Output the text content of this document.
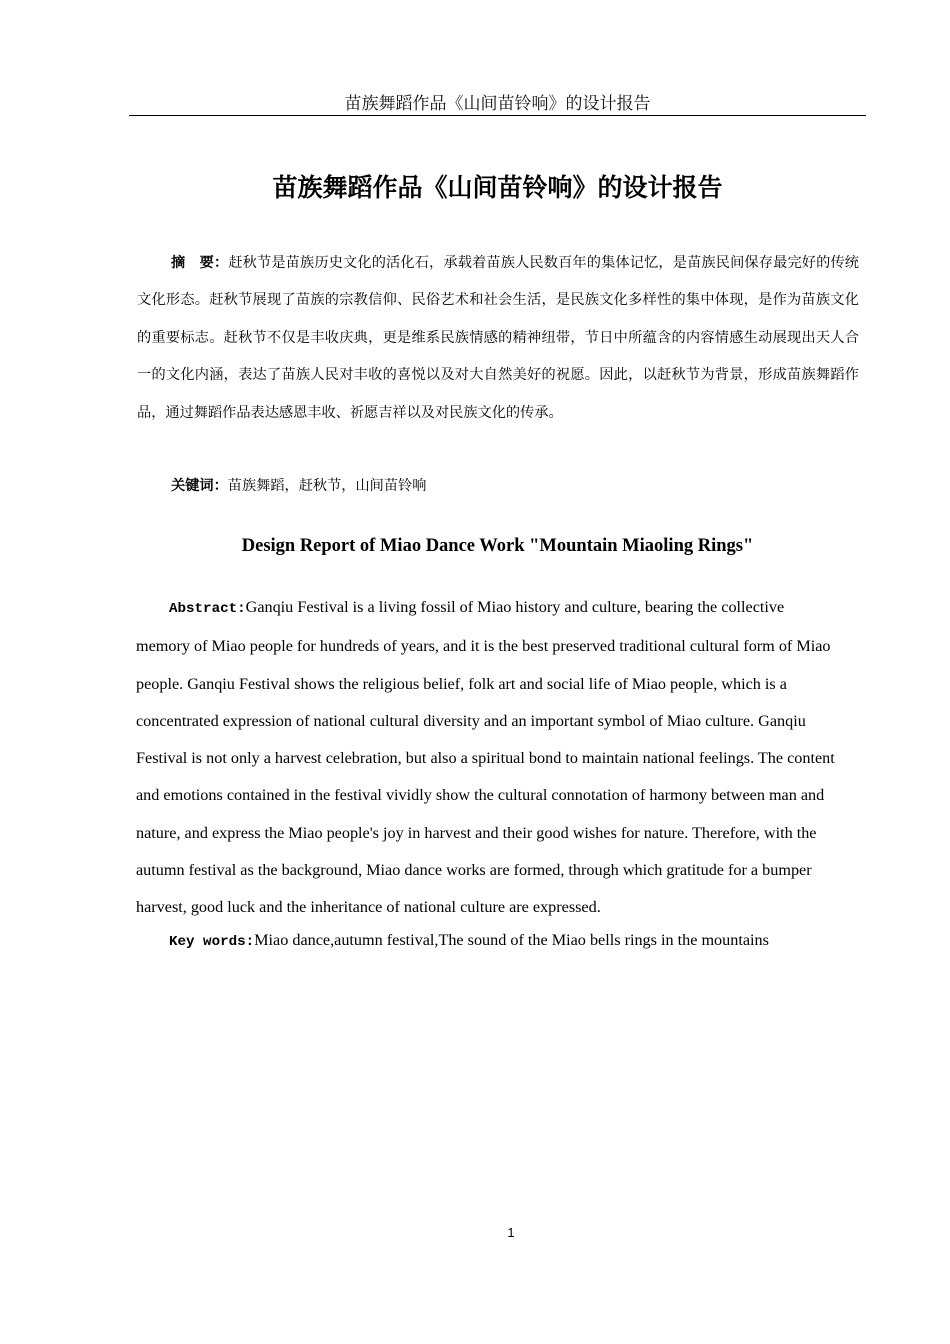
苗族舞蹈作品《山间苗铃响》的设计报告
苗族舞蹈作品《山间苗铃响》的设计报告
摘　要：赶秋节是苗族历史文化的活化石，承载着苗族人民数百年的集体记忆，是苗族民间保存最完好的传统文化形态。赶秋节展现了苗族的宗教信仰、民俗艺术和社会生活，是民族文化多样性的集中体现，是作为苗族文化的重要标志。赶秋节不仅是丰收庆典，更是维系民族情感的精神纽带，节日中所蕴含的内容情感生动展现出天人合一的文化内涵，表达了苗族人民对丰收的喜悦以及对大自然美好的祝愿。因此，以赶秋节为背景，形成苗族舞蹈作品，通过舞蹈作品表达感恩丰收、祈愿吉祥以及对民族文化的传承。
关键词：苗族舞蹈，赶秋节，山间苗铃响
Design Report of Miao Dance Work "Mountain Miaoling Rings"
Abstract:Ganqiu Festival is a living fossil of Miao history and culture, bearing the collective
memory of Miao people for hundreds of years, and it is the best preserved traditional cultural form of Miao
people. Ganqiu Festival shows the religious belief, folk art and social life of Miao people, which is a
concentrated expression of national cultural diversity and an important symbol of Miao culture. Ganqiu
Festival is not only a harvest celebration, but also a spiritual bond to maintain national feelings. The content
and emotions contained in the festival vividly show the cultural connotation of harmony between man and
nature, and express the Miao people's joy in harvest and their good wishes for nature. Therefore, with the
autumn festival as the background, Miao dance works are formed, through which gratitude for a bumper
harvest, good luck and the inheritance of national culture are expressed.
Key words:Miao dance,autumn festival,The sound of the Miao bells rings in the mountains
1
